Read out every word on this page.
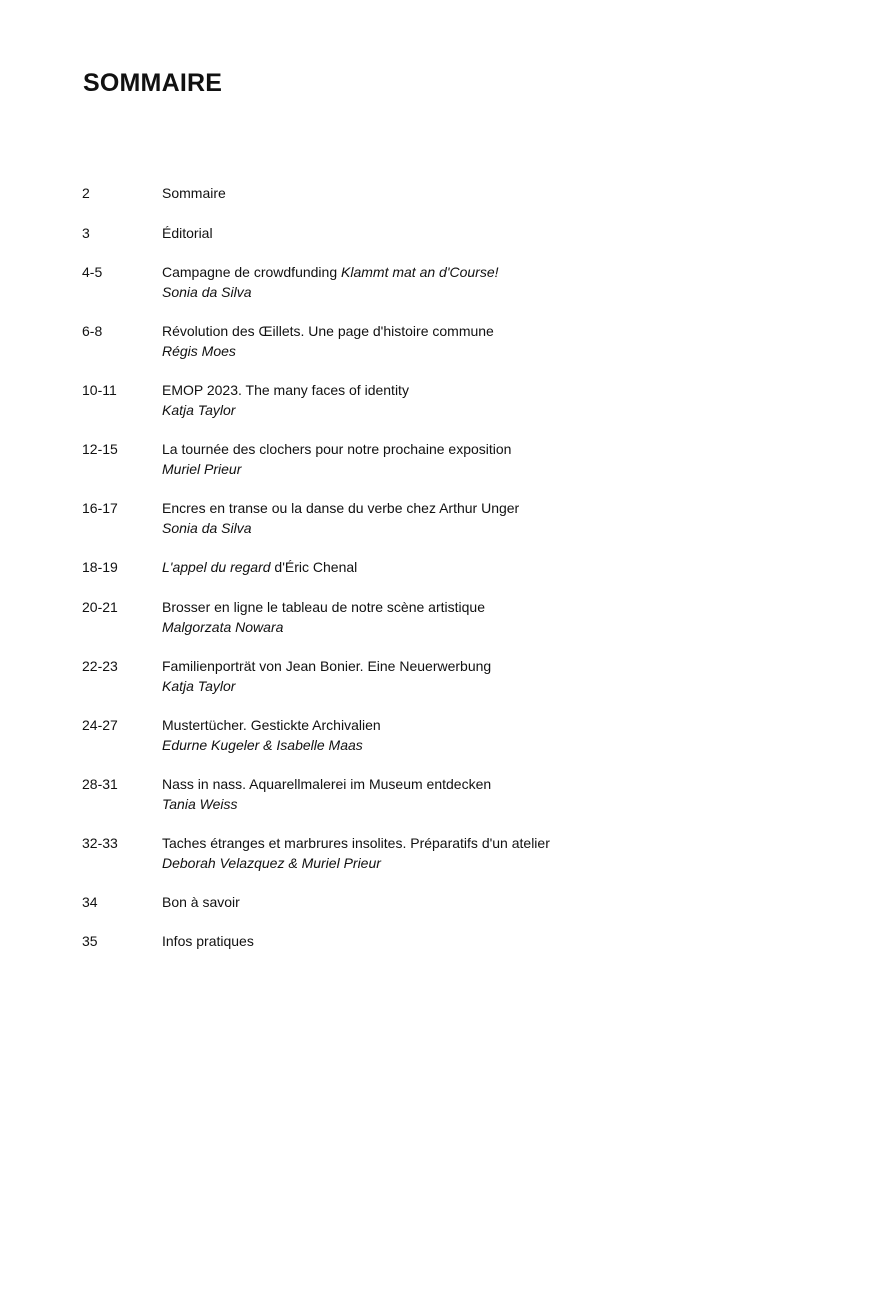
SOMMAIRE
2	Sommaire
3	Éditorial
4-5	Campagne de crowdfunding Klammt mat an d'Course!
Sonia da Silva
6-8	Révolution des Œillets. Une page d'histoire commune
Régis Moes
10-11	EMOP 2023. The many faces of identity
Katja Taylor
12-15	La tournée des clochers pour notre prochaine exposition
Muriel Prieur
16-17	Encres en transe ou la danse du verbe chez Arthur Unger
Sonia da Silva
18-19	L'appel du regard d'Éric Chenal
20-21	Brosser en ligne le tableau de notre scène artistique
Malgorzata Nowara
22-23	Familienporträt von Jean Bonier. Eine Neuerwerbung
Katja Taylor
24-27	Mustertücher. Gestickte Archivalien
Edurne Kugeler & Isabelle Maas
28-31	Nass in nass. Aquarellmalerei im Museum entdecken
Tania Weiss
32-33	Taches étranges et marbrures insolites. Préparatifs d'un atelier
Deborah Velazquez & Muriel Prieur
34	Bon à savoir
35	Infos pratiques
